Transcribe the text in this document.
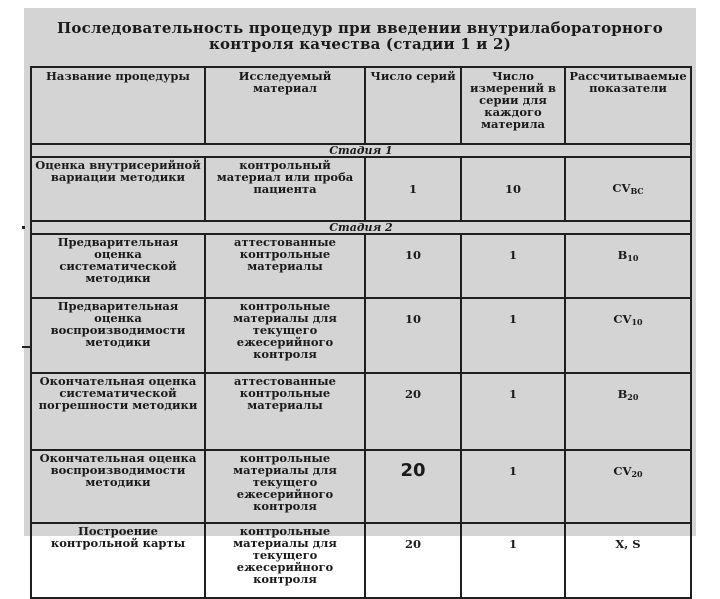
Последовательность процедур при введении внутрилабораторного
контроля качества (стадии 1 и 2)
Название процедуры	Исследуемый материал	Число серий	Число измерений в серии для каждого материла	Рассчитываемые показатели
Стадия 1				
Оценка внутрисерийной вариации методики	контрольный материал или проба пациента	1	10	$CV_{ВС}$
Стадия 2				
Предварительная оценка систематической методики	аттестованные контрольные материалы	10	1	$B_{10}$
Предварительная оценка воспроизводимости методики	контрольные материалы для текущего ежесерийного контроля	10	1	$CV_{10}$
Окончательная оценка систематической погрешности методики	аттестованные контрольные материалы	20	1	$B_{20}$
Окончательная оценка воспроизводимости методики	контрольные материалы для текущего ежесерийного контроля	20	1	$CV_{20}$
Построение контрольной карты	контрольные материалы для текущего ежесерийного контроля	20	1	X, S
